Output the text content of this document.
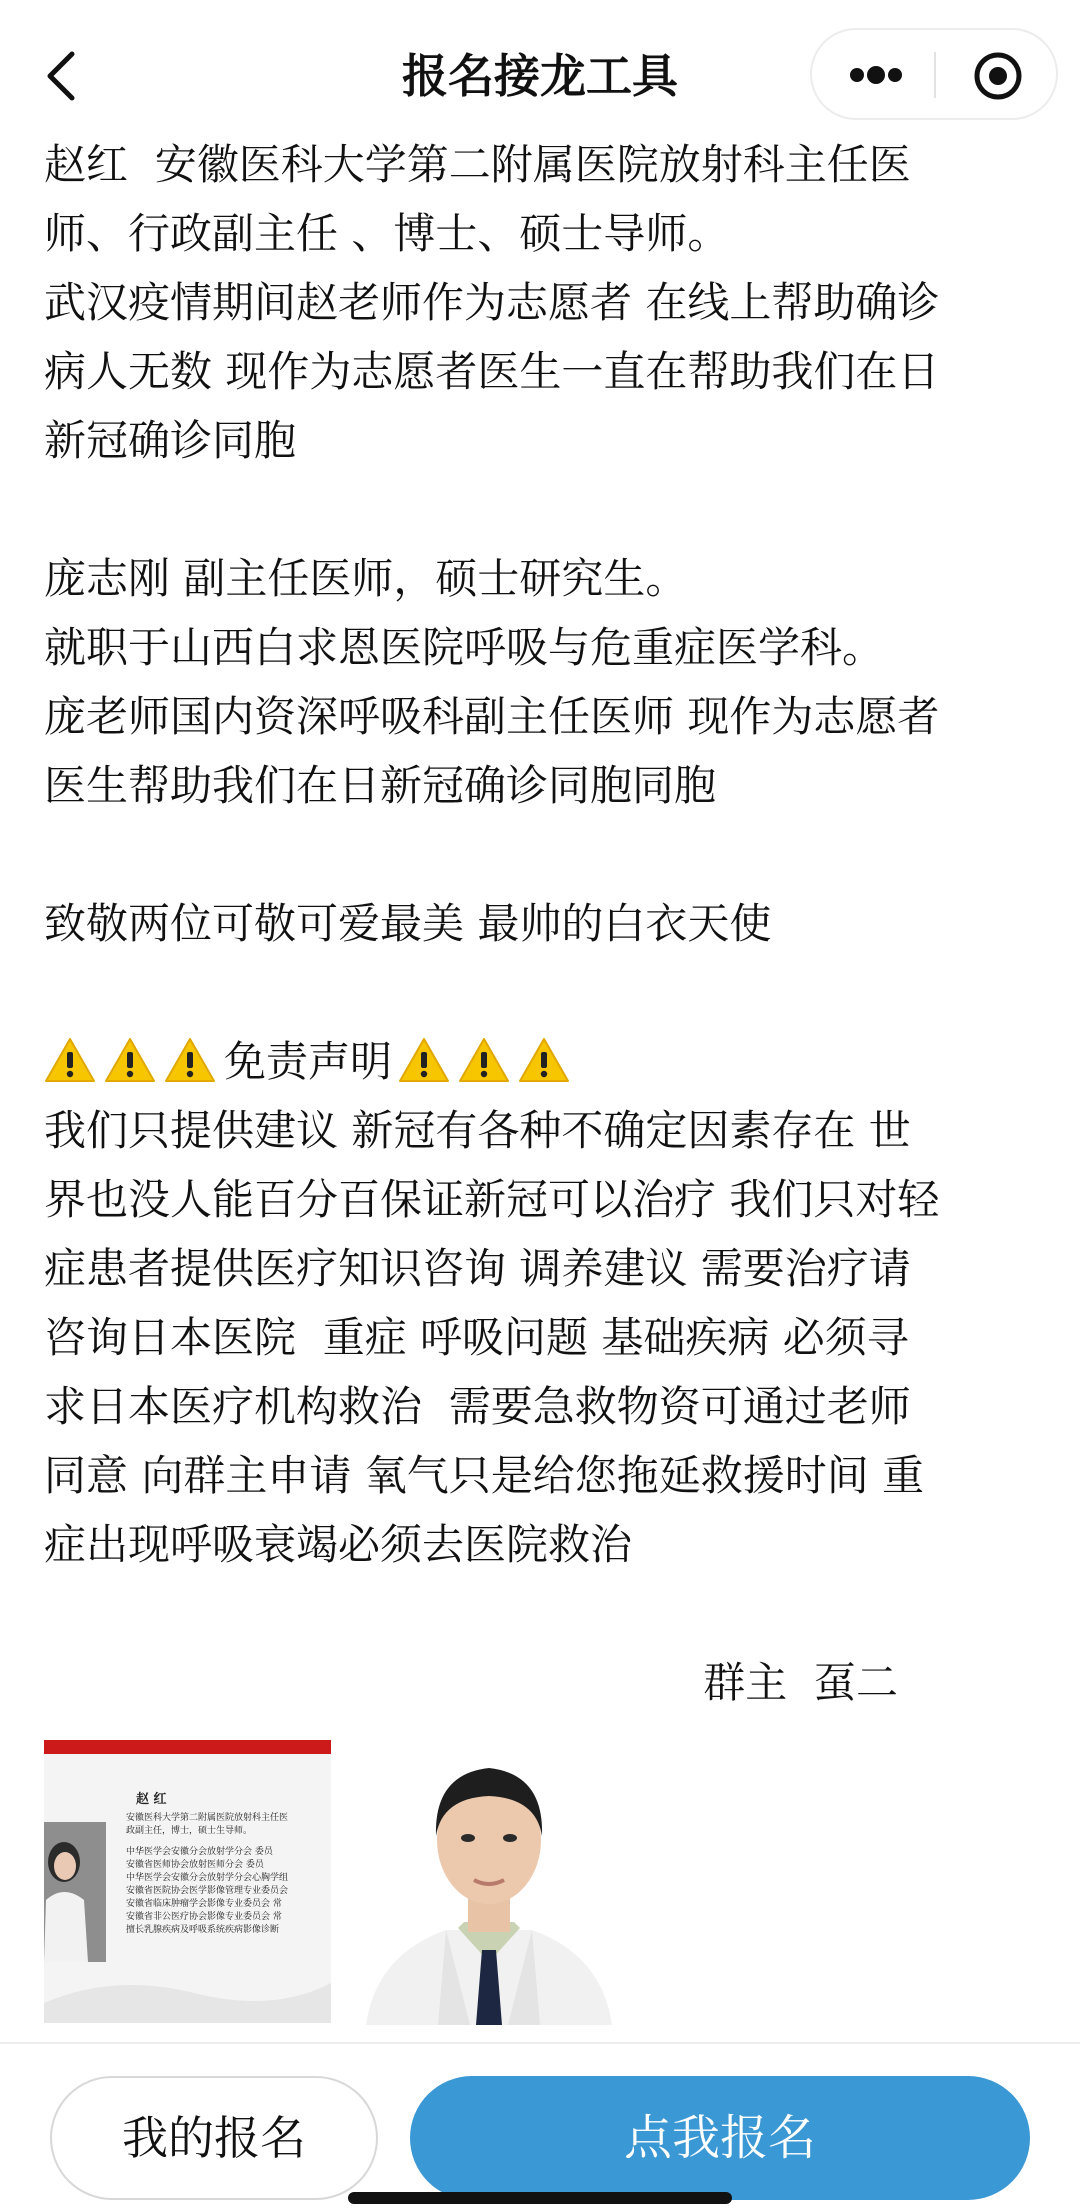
报名接龙工具
赵红  安徽医科大学第二附属医院放射科主任医
师、行政副主任 、博士、硕士导师。
武汉疫情期间赵老师作为志愿者 在线上帮助确诊
病人无数 现作为志愿者医生一直在帮助我们在日
新冠确诊同胞
庞志刚 副主任医师，硕士研究生。
就职于山西白求恩医院呼吸与危重症医学科。
庞老师国内资深呼吸科副主任医师 现作为志愿者
医生帮助我们在日新冠确诊同胞同胞
致敬两位可敬可爱最美 最帅的白衣天使
免责声明
我们只提供建议 新冠有各种不确定因素存在 世
界也没人能百分百保证新冠可以治疗 我们只对轻
症患者提供医疗知识咨询 调养建议 需要治疗请
咨询日本医院  重症 呼吸问题 基础疾病 必须寻
求日本医疗机构救治  需要急救物资可通过老师
同意 向群主申请 氧气只是给您拖延救援时间 重
症出现呼吸衰竭必须去医院救治
群主  虿二
赵 红
安徽医科大学第二附属医院放射科主任医
政副主任，博士，硕士生导师。
中华医学会安徽分会放射学分会 委员
安徽省医师协会放射医师分会 委员
中华医学会安徽分会放射学分会心胸学组
安徽省医院协会医学影像管理专业委员会
安徽省临床肿瘤学会影像专业委员会 常
安徽省非公医疗协会影像专业委员会 常
擅长乳腺疾病及呼吸系统疾病影像诊断
我的报名	点我报名
